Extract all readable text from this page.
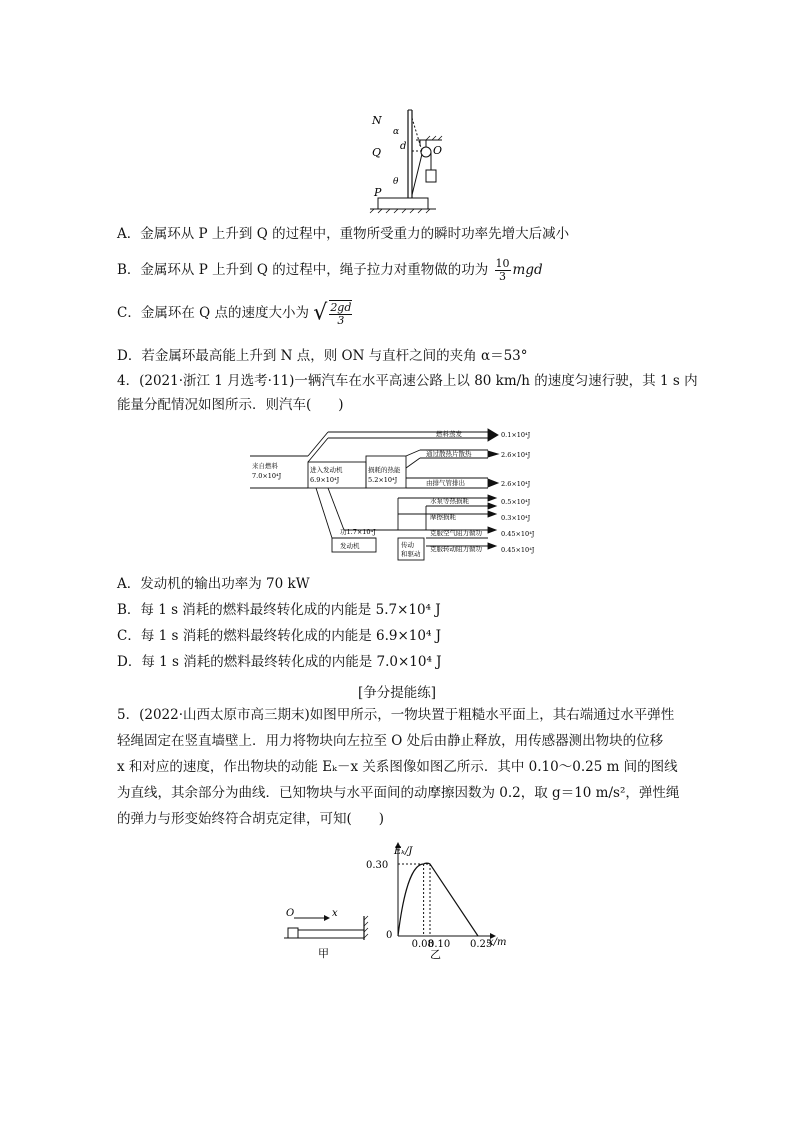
N
Q
P
O
d
α
θ
A．金属环从 P 上升到 Q 的过程中，重物所受重力的瞬时功率先增大后减小
B．金属环从 P 上升到 Q 的过程中，绳子拉力对重物做的功为 $\frac{10}{3}$ mgd
C．金属环在 Q 点的速度大小为 √ $\frac{2gd}{3}$
D．若金属环最高能上升到 N 点，则 ON 与直杆之间的夹角 α＝53°
4．(2021·浙江 1 月选考·11)一辆汽车在水平高速公路上以 80 km/h 的速度匀速行驶，其 1 s 内
能量分配情况如图所示．则汽车(　　)
来自燃料
7.0×10⁴J
进入发动机
6.9×10⁴J
损耗的热能
5.2×10⁴J
功1.7×10⁴J
发动机	传动
和驱动
燃料蒸发	0.1×10⁴J
通过散热片散热	2.6×10⁴J
由排气管排出	2.6×10⁴J
水泵等热损耗	0.5×10⁴J
摩擦损耗	0.3×10⁴J
克服空气阻力做功	0.45×10⁴J
克服转动阻力做功	0.45×10⁴J
A．发动机的输出功率为 70 kW
B．每 1 s 消耗的燃料最终转化成的内能是 5.7×10⁴ J
C．每 1 s 消耗的燃料最终转化成的内能是 6.9×10⁴ J
D．每 1 s 消耗的燃料最终转化成的内能是 7.0×10⁴ J
[争分提能练]
5．(2022·山西太原市高三期末)如图甲所示，一物块置于粗糙水平面上，其右端通过水平弹性
轻绳固定在竖直墙壁上．用力将物块向左拉至 O 处后由静止释放，用传感器测出物块的位移
x 和对应的速度，作出物块的动能 Eₖ－x 关系图像如图乙所示．其中 0.10～0.25 m 间的图线
为直线，其余部分为曲线．已知物块与水平面间的动摩擦因数为 0.2，取 g＝10 m/s²，弹性绳
的弹力与形变始终符合胡克定律，可知(　　)
O	x
甲
Eₖ/J
x/m
0
乙
0.08
0.10 0.25
0.30
